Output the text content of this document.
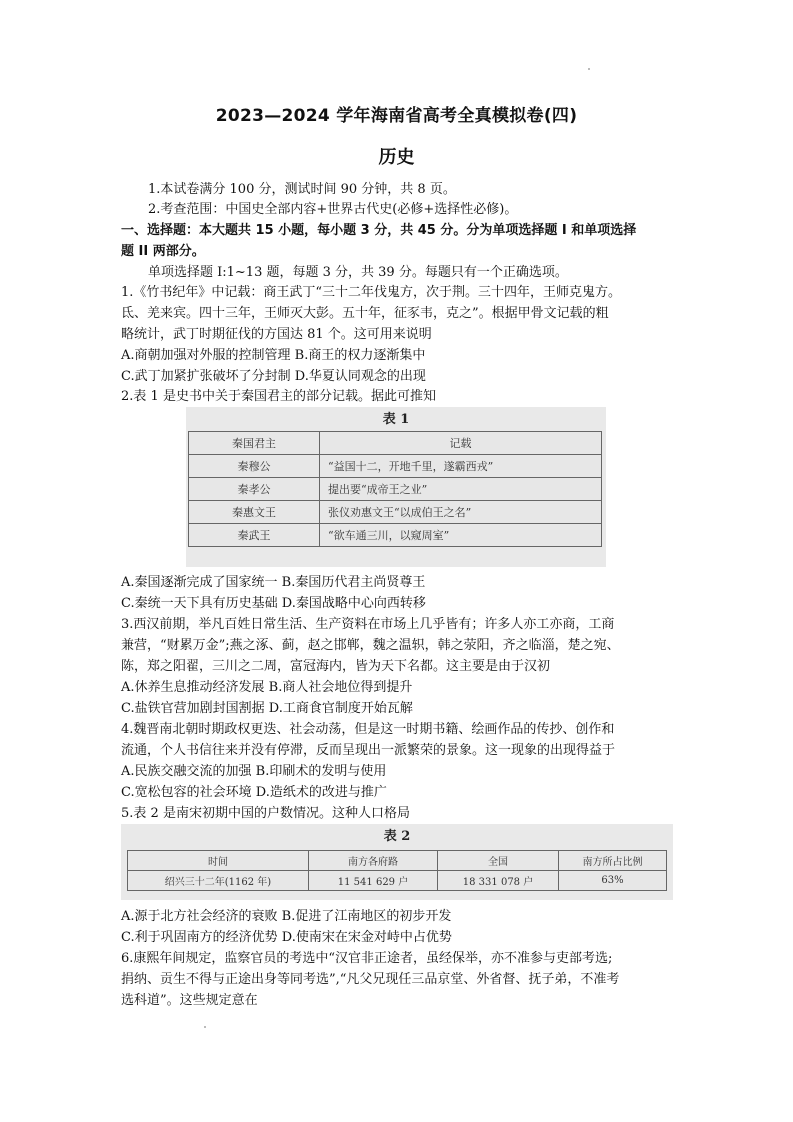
2023—2024 学年海南省高考全真模拟卷(四)
历史
1.本试卷满分 100 分，测试时间 90 分钟，共 8 页。
2.考查范围：中国史全部内容+世界古代史(必修+选择性必修)。
一、选择题：本大题共 15 小题，每小题 3 分，共 45 分。分为单项选择题 I 和单项选择
题 II 两部分。
单项选择题 I:1~13 题，每题 3 分，共 39 分。每题只有一个正确选项。
1.《竹书纪年》中记载：商王武丁“三十二年伐鬼方，次于荆。三十四年，王师克鬼方。
氐、羌来宾。四十三年，王师灭大彭。五十年，征豕韦，克之”。根据甲骨文记载的粗
略统计，武丁时期征伐的方国达 81 个。这可用来说明
A.商朝加强对外服的控制管理 B.商王的权力逐渐集中
C.武丁加紧扩张破坏了分封制 D.华夏认同观念的出现
2.表 1 是史书中关于秦国君主的部分记载。据此可推知
表 1
秦国君主	记载
秦穆公	“益国十二，开地千里，遂霸西戎”
秦孝公	提出要“成帝王之业”
秦惠文王	张仪劝惠文王“以成伯王之名”
秦武王	“欲车通三川，以窥周室”
A.秦国逐渐完成了国家统一 B.秦国历代君主尚贤尊王
C.秦统一天下具有历史基础 D.秦国战略中心向西转移
3.西汉前期，举凡百姓日常生活、生产资料在市场上几乎皆有；许多人亦工亦商，工商
兼营，“财累万金”;燕之涿、蓟，赵之邯郸，魏之温轵，韩之荥阳，齐之临淄，楚之宛、
陈，郑之阳翟，三川之二周，富冠海内，皆为天下名都。这主要是由于汉初
A.休养生息推动经济发展 B.商人社会地位得到提升
C.盐铁官营加剧封国割据 D.工商食官制度开始瓦解
4.魏晋南北朝时期政权更迭、社会动荡，但是这一时期书籍、绘画作品的传抄、创作和
流通，个人书信往来并没有停滞，反而呈现出一派繁荣的景象。这一现象的出现得益于
A.民族交融交流的加强 B.印刷术的发明与使用
C.宽松包容的社会环境 D.造纸术的改进与推广
5.表 2 是南宋初期中国的户数情况。这种人口格局
表 2
时间	南方各府路	全国	南方所占比例
绍兴三十二年(1162 年)	11 541 629 户	18 331 078 户	63%
A.源于北方社会经济的衰败 B.促进了江南地区的初步开发
C.利于巩固南方的经济优势 D.使南宋在宋金对峙中占优势
6.康熙年间规定，监察官员的考选中“汉官非正途者，虽经保举，亦不准参与吏部考选;
捐纳、贡生不得与正途出身等同考选”,“凡父兄现任三品京堂、外省督、抚子弟，不准考
选科道”。这些规定意在
